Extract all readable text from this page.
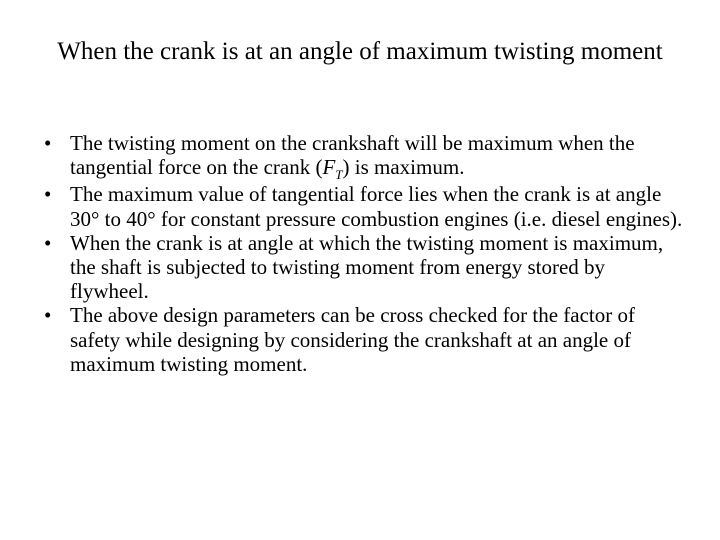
When the crank is at an angle of maximum twisting moment
• The twisting moment on the crankshaft will be maximum when the tangential force on the crank $(F_T)$ is maximum.
• The maximum value of tangential force lies when the crank is at angle 30° to 40° for constant pressure combustion engines (i.e. diesel engines).
• When the crank is at angle at which the twisting moment is maximum, the shaft is subjected to twisting moment from energy stored by flywheel.
• The above design parameters can be cross checked for the factor of safety while designing by considering the crankshaft at an angle of maximum twisting moment.
